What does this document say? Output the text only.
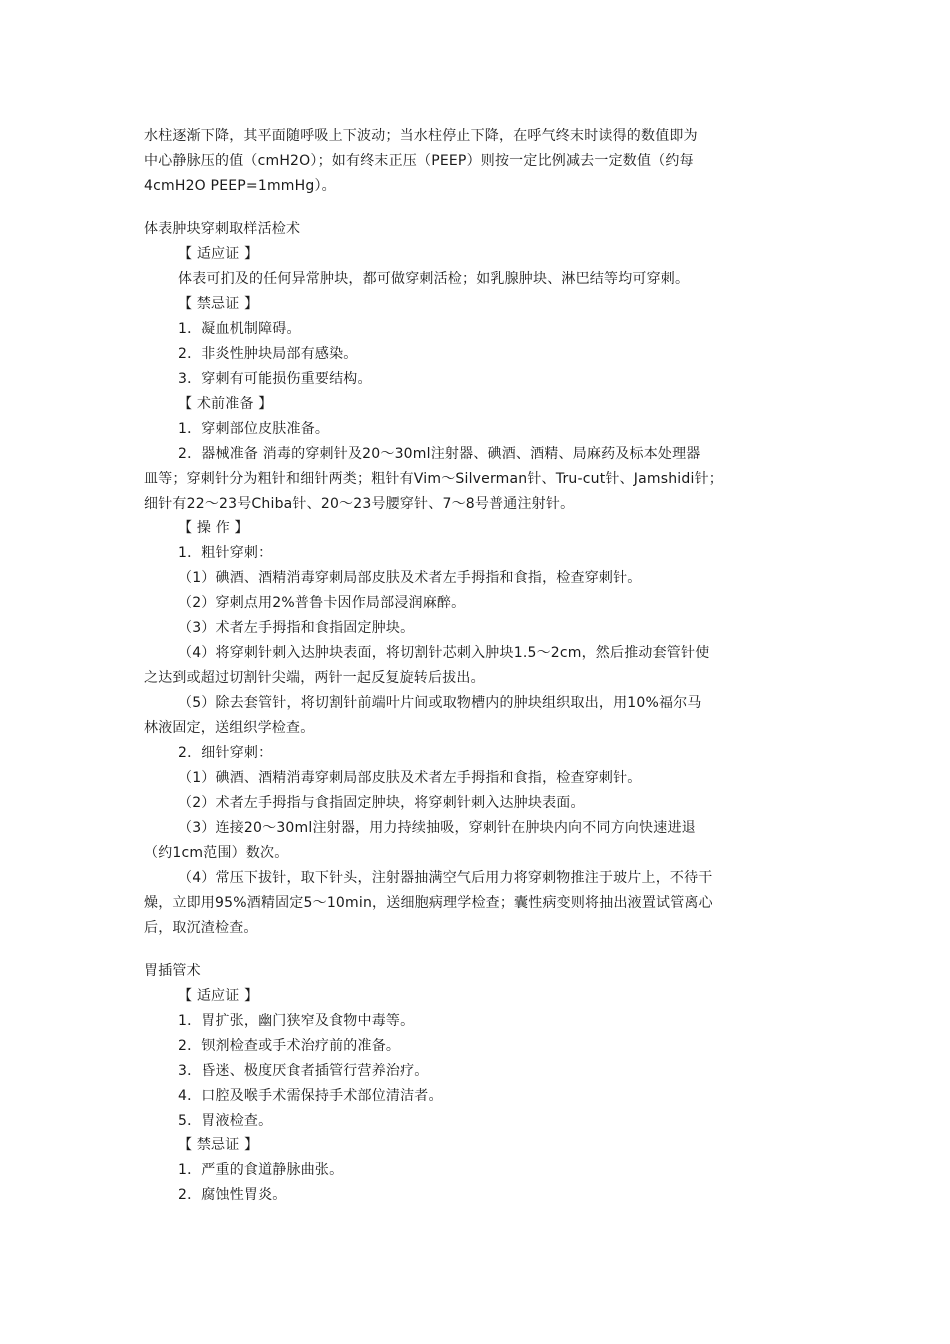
水柱逐渐下降，其平面随呼吸上下波动；当水柱停止下降，在呼气终末时读得的数值即为
中心静脉压的值（cmH2O）；如有终末正压（PEEP）则按一定比例减去一定数值（约每
4cmH2O PEEP=1mmHg）。
体表肿块穿刺取样活检术
【 适应证 】
体表可扪及的任何异常肿块，都可做穿刺活检；如乳腺肿块、淋巴结等均可穿刺。
【 禁忌证 】
1．凝血机制障碍。
2．非炎性肿块局部有感染。
3．穿刺有可能损伤重要结构。
【 术前准备 】
1．穿刺部位皮肤准备。
2．器械准备 消毒的穿刺针及20～30ml注射器、碘酒、酒精、局麻药及标本处理器
皿等；穿刺针分为粗针和细针两类；粗针有Vim～Silverman针、Tru-cut针、Jamshidi针；
细针有22～23号Chiba针、20～23号腰穿针、7～8号普通注射针。
【 操 作 】
1．粗针穿刺：
（1）碘酒、酒精消毒穿刺局部皮肤及术者左手拇指和食指，检查穿刺针。
（2）穿刺点用2%普鲁卡因作局部浸润麻醉。
（3）术者左手拇指和食指固定肿块。
（4）将穿刺针刺入达肿块表面，将切割针芯刺入肿块1.5～2cm，然后推动套管针使
之达到或超过切割针尖端，两针一起反复旋转后拔出。
（5）除去套管针，将切割针前端叶片间或取物槽内的肿块组织取出，用10%福尔马
林液固定，送组织学检查。
2．细针穿刺：
（1）碘酒、酒精消毒穿刺局部皮肤及术者左手拇指和食指，检查穿刺针。
（2）术者左手拇指与食指固定肿块，将穿刺针刺入达肿块表面。
（3）连接20～30ml注射器，用力持续抽吸，穿刺针在肿块内向不同方向快速进退
（约1cm范围）数次。
（4）常压下拔针，取下针头，注射器抽满空气后用力将穿刺物推注于玻片上，不待干
燥，立即用95%酒精固定5～10min，送细胞病理学检查；囊性病变则将抽出液置试管离心
后，取沉渣检查。
胃插管术
【 适应证 】
1．胃扩张，幽门狭窄及食物中毒等。
2．钡剂检查或手术治疗前的准备。
3．昏迷、极度厌食者插管行营养治疗。
4．口腔及喉手术需保持手术部位清洁者。
5．胃液检查。
【 禁忌证 】
1．严重的食道静脉曲张。
2．腐蚀性胃炎。
